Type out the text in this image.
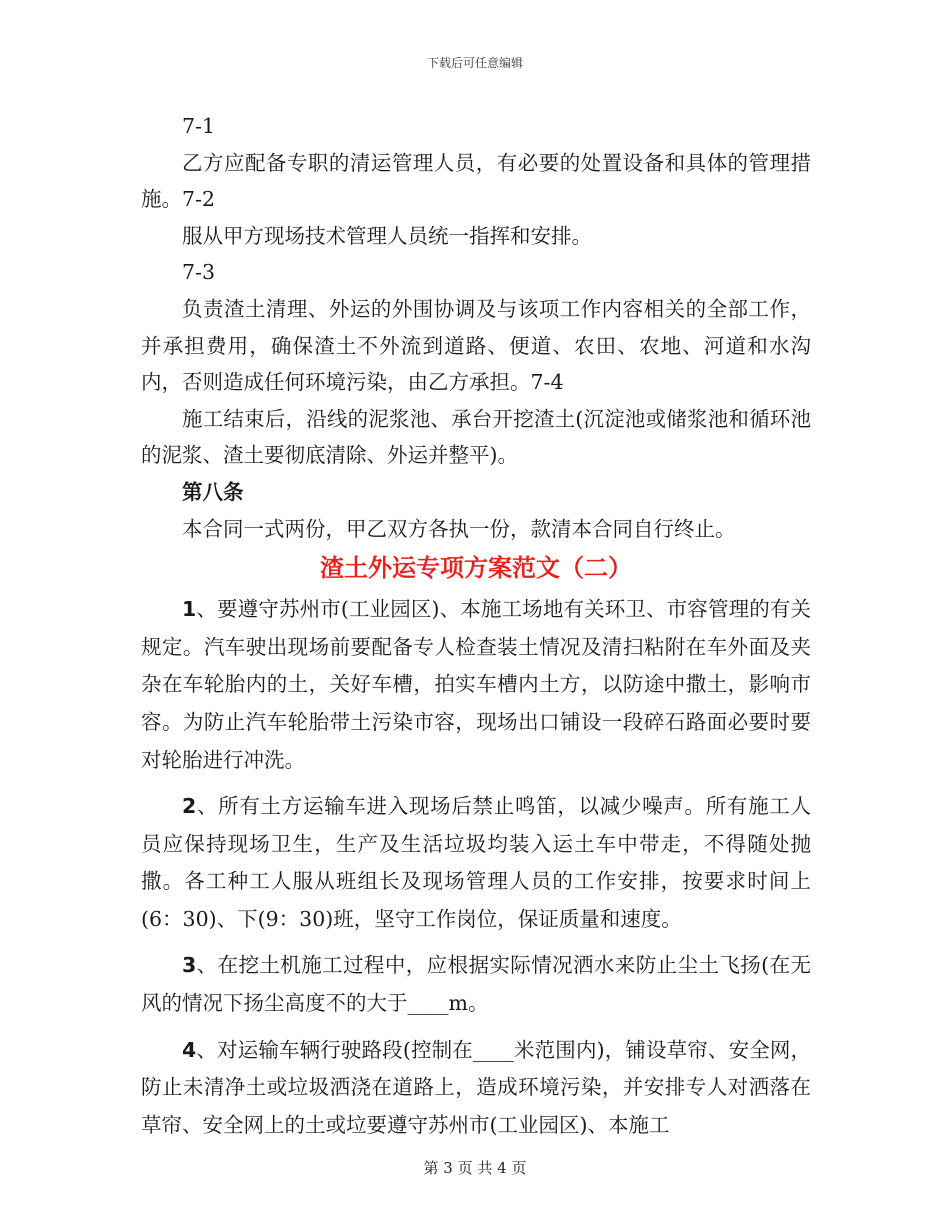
下载后可任意编辑

7-1

乙方应配备专职的清运管理人员，有必要的处置设备和具体的管理措施。7-2

服从甲方现场技术管理人员统一指挥和安排。

7-3

负责渣土清理、外运的外围协调及与该项工作内容相关的全部工作，并承担费用，确保渣土不外流到道路、便道、农田、农地、河道和水沟内，否则造成任何环境污染，由乙方承担。7-4

施工结束后，沿线的泥浆池、承台开挖渣土(沉淀池或储浆池和循环池的泥浆、渣土要彻底清除、外运并整平)。

第八条

本合同一式两份，甲乙双方各执一份，款清本合同自行终止。

渣土外运专项方案范文（二）

1、要遵守苏州市(工业园区)、本施工场地有关环卫、市容管理的有关规定。汽车驶出现场前要配备专人检查装土情况及清扫粘附在车外面及夹杂在车轮胎内的土，关好车槽，拍实车槽内土方，以防途中撒土，影响市容。为防止汽车轮胎带土污染市容，现场出口铺设一段碎石路面必要时要对轮胎进行冲洗。

2、所有土方运输车进入现场后禁止鸣笛，以减少噪声。所有施工人员应保持现场卫生，生产及生活垃圾均装入运土车中带走，不得随处抛撒。各工种工人服从班组长及现场管理人员的工作安排，按要求时间上(6：30)、下(9：30)班，坚守工作岗位，保证质量和速度。

3、在挖土机施工过程中，应根据实际情况洒水来防止尘土飞扬(在无风的情况下扬尘高度不的大于____m。

4、对运输车辆行驶路段(控制在____米范围内)，铺设草帘、安全网，防止未清净土或垃圾洒浇在道路上，造成环境污染，并安排专人对洒落在草帘、安全网上的土或垃要遵守苏州市(工业园区)、本施工

第 3 页 共 4 页
